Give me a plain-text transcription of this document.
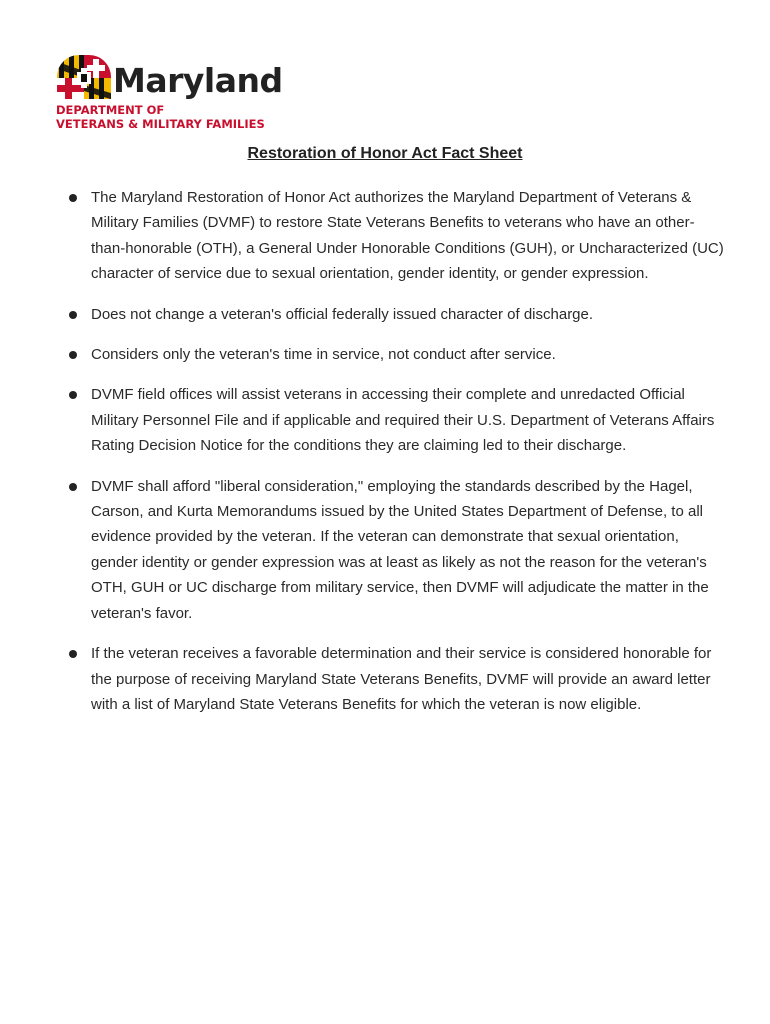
Maryland
DEPARTMENT OF
VETERANS & MILITARY FAMILIES
Restoration of Honor Act Fact Sheet
The Maryland Restoration of Honor Act authorizes the Maryland Department of Veterans & Military Families (DVMF) to restore State Veterans Benefits to veterans who have an other-than-honorable (OTH), a General Under Honorable Conditions (GUH), or Uncharacterized (UC) character of service due to sexual orientation, gender identity, or gender expression.
Does not change a veteran's official federally issued character of discharge.
Considers only the veteran's time in service, not conduct after service.
DVMF field offices will assist veterans in accessing their complete and unredacted Official Military Personnel File and if applicable and required their U.S. Department of Veterans Affairs Rating Decision Notice for the conditions they are claiming led to their discharge.
DVMF shall afford "liberal consideration," employing the standards described by the Hagel, Carson, and Kurta Memorandums issued by the United States Department of Defense, to all evidence provided by the veteran. If the veteran can demonstrate that sexual orientation, gender identity or gender expression was at least as likely as not the reason for the veteran's OTH, GUH or UC discharge from military service, then DVMF will adjudicate the matter in the veteran's favor.
If the veteran receives a favorable determination and their service is considered honorable for the purpose of receiving Maryland State Veterans Benefits, DVMF will provide an award letter with a list of Maryland State Veterans Benefits for which the veteran is now eligible.
